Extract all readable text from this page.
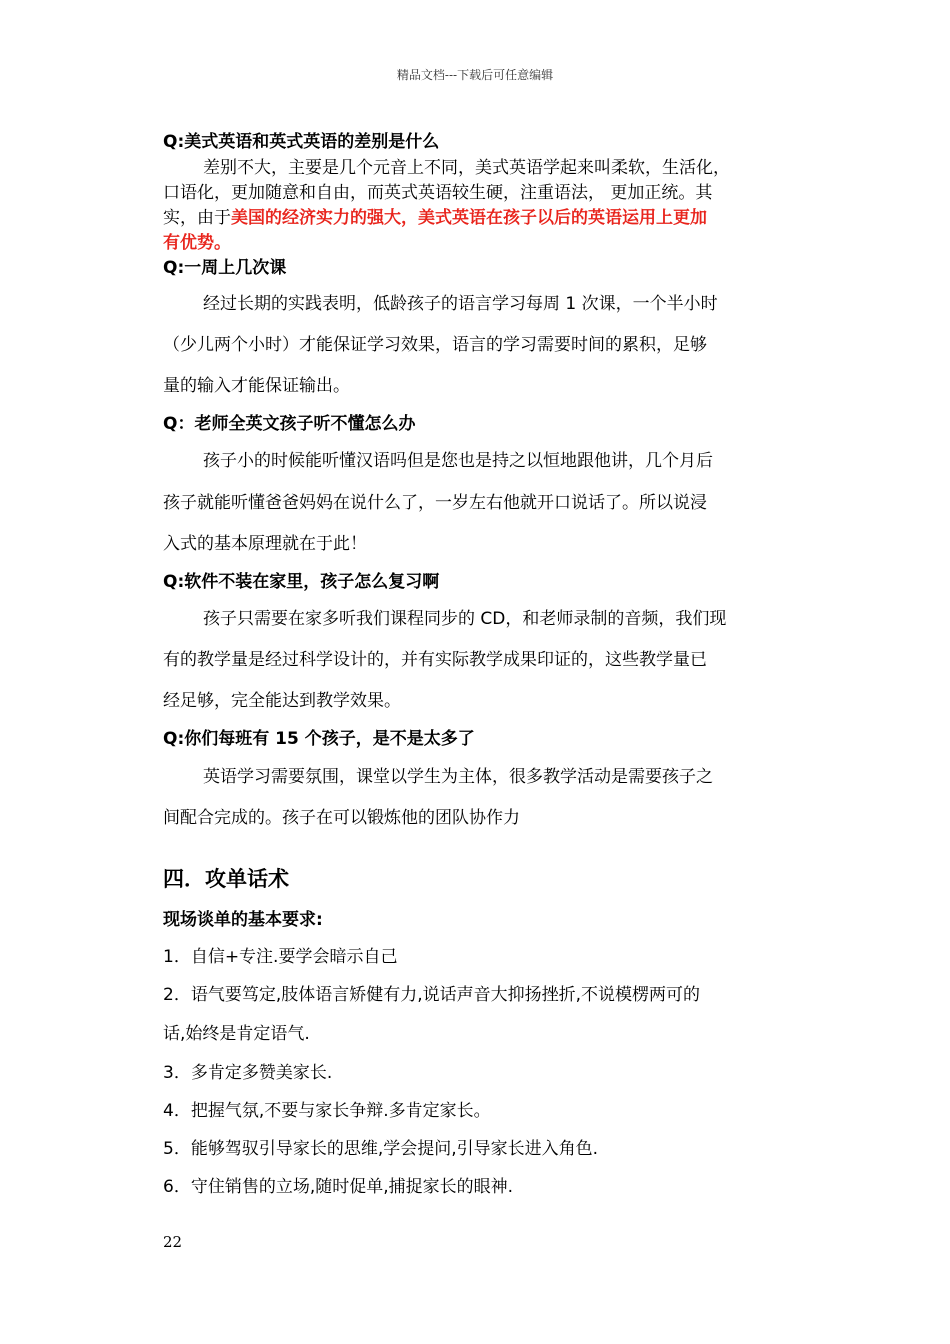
精品文档---下载后可任意编辑
Q:美式英语和英式英语的差别是什么
差别不大，主要是几个元音上不同，美式英语学起来叫柔软，生活化，
口语化，更加随意和自由，而英式英语较生硬，注重语法， 更加正统。其
实，由于美国的经济实力的强大，美式英语在孩子以后的英语运用上更加
有优势。
Q:一周上几次课
经过长期的实践表明，低龄孩子的语言学习每周 1 次课，一个半小时
（少儿两个小时）才能保证学习效果，语言的学习需要时间的累积，足够
量的输入才能保证输出。
Q：老师全英文孩子听不懂怎么办
孩子小的时候能听懂汉语吗但是您也是持之以恒地跟他讲，几个月后
孩子就能听懂爸爸妈妈在说什么了，一岁左右他就开口说话了。所以说浸
入式的基本原理就在于此！
Q:软件不装在家里，孩子怎么复习啊
孩子只需要在家多听我们课程同步的 CD，和老师录制的音频，我们现
有的教学量是经过科学设计的，并有实际教学成果印证的，这些教学量已
经足够，完全能达到教学效果。
Q:你们每班有 15 个孩子，是不是太多了
英语学习需要氛围，课堂以学生为主体，很多教学活动是需要孩子之
间配合完成的。孩子在可以锻炼他的团队协作力
四．攻单话术
现场谈单的基本要求:
1．自信+专注.要学会暗示自己
2．语气要笃定,肢体语言矫健有力,说话声音大抑扬挫折,不说模楞两可的
话,始终是肯定语气.
3．多肯定多赞美家长.
4．把握气氛,不要与家长争辩.多肯定家长。
5．能够驾驭引导家长的思维,学会提问,引导家长进入角色.
6．守住销售的立场,随时促单,捕捉家长的眼神.
22
